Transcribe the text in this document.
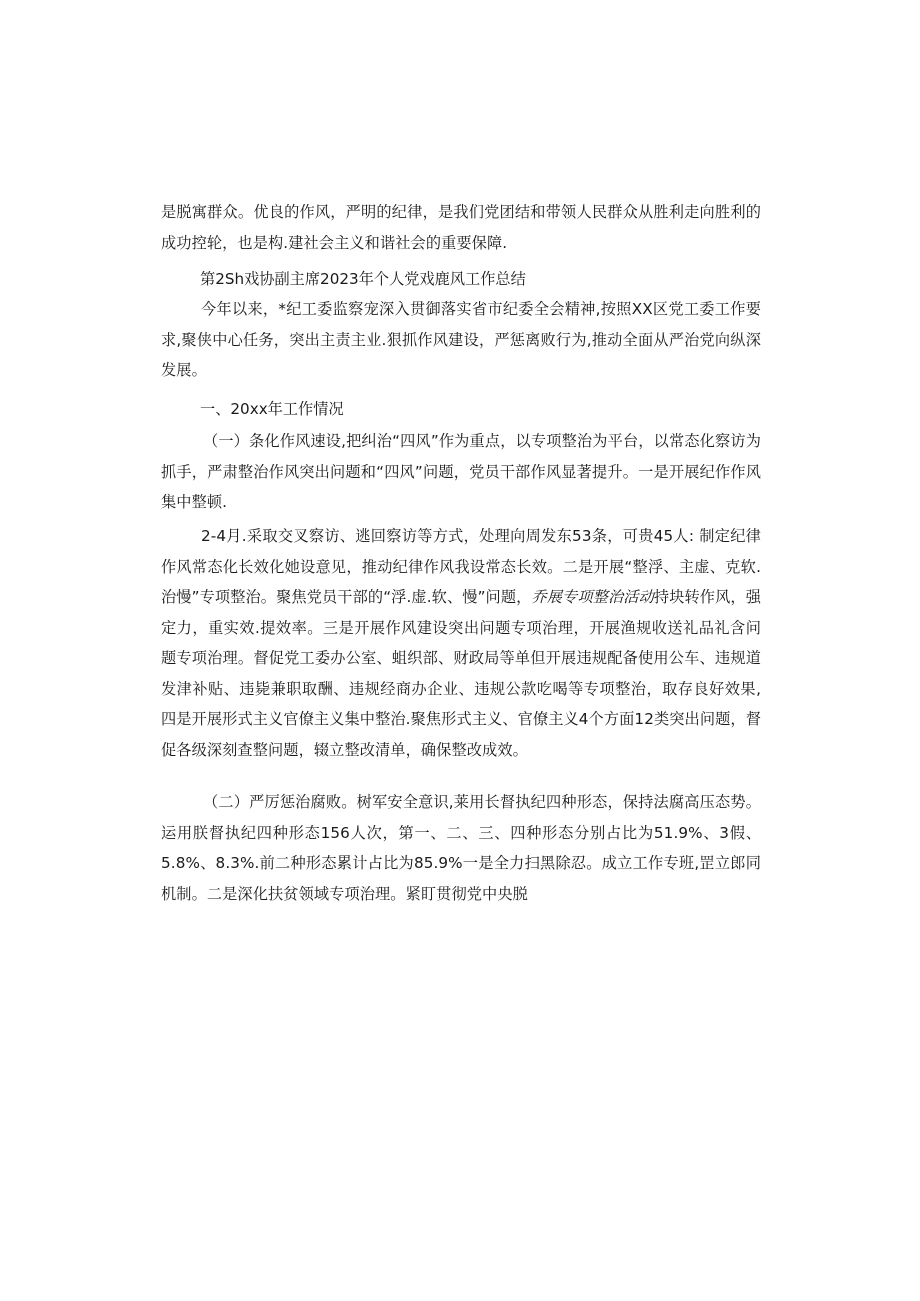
是脱寓群众。优良的作风，严明的纪律，是我们党团结和带领人民群众从胜利走向胜利的成功控轮，也是构.建社会主义和谐社会的重要保障.

第2Sh戏协副主席2023年个人党戏鹿风工作总结

今年以来，*纪工委监察宠深入贯御落实省市纪委全会精神,按照XX区党工委工作要求,聚侠中心任务，突出主责主业.狠抓作风建设，严惩离败行为,推动全面从严治党向纵深发展。

一、20xx年工作情况

（一）条化作风速设,把纠治“四风”作为重点，以专项整治为平台，以常态化察访为抓手，严肃整治作风突出问题和“四风”问题，党员干部作风显著提升。一是开展纪作作风集中整顿.

2-4月.采取交叉察访、逃回察访等方式，处理向周发东53条，可贵45人: 制定纪律作风常态化长效化她设意见，推动纪律作风我设常态长效。二是开展“整浮、主虚、克软.治慢”专项整治。聚焦党员干部的“浮.虚.软、慢”问题，乔展专项整治活动持块转作风，强定力，重实效.提效率。三是开展作风建设突出问题专项治理，开展渔规收送礼品礼含问题专项治理。督促党工委办公室、蛆织部、财政局等单但开展违规配备使用公车、违规道发津补贴、违毙兼职取酬、违规经商办企业、违规公款吃喝等专项整治，取存良好效果,四是开展形式主义官僚主义集中整治.聚焦形式主义、官僚主义4个方面12类突出问题，督促各级深刻查整问题，辍立整改清单，确保整改成效。

（二）严厉惩治腐败。树军安全意识,莱用长督执纪四种形态，保持法腐高压态势。运用朕督执纪四种形态156人次，第一、二、三、四种形态分别占比为51.9%、3假、5.8%、8.3%.前二种形态累计占比为85.9%一是全力扫黑除忍。成立工作专班,罡立郎同机制。二是深化扶贫领域专项治理。紧盯贯彻党中央脱
